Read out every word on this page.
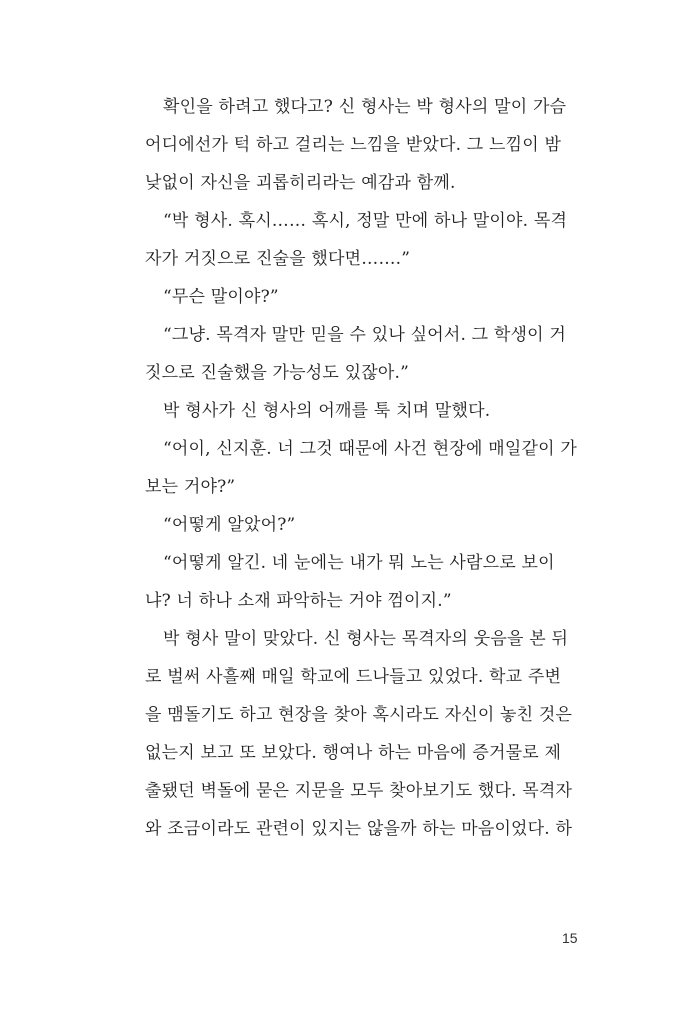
확인을 하려고 했다고? 신 형사는 박 형사의 말이 가슴
어디에선가 턱 하고 걸리는 느낌을 받았다. 그 느낌이 밤
낮없이 자신을 괴롭히리라는 예감과 함께.
“박 형사. 혹시…… 혹시, 정말 만에 하나 말이야. 목격
자가 거짓으로 진술을 했다면…….”
“무슨 말이야?”
“그냥. 목격자 말만 믿을 수 있나 싶어서. 그 학생이 거
짓으로 진술했을 가능성도 있잖아.”
박 형사가 신 형사의 어깨를 툭 치며 말했다.
“어이, 신지훈. 너 그것 때문에 사건 현장에 매일같이 가
보는 거야?”
“어떻게 알았어?”
“어떻게 알긴. 네 눈에는 내가 뭐 노는 사람으로 보이
냐? 너 하나 소재 파악하는 거야 껌이지.”
박 형사 말이 맞았다. 신 형사는 목격자의 웃음을 본 뒤
로 벌써 사흘째 매일 학교에 드나들고 있었다. 학교 주변
을 맴돌기도 하고 현장을 찾아 혹시라도 자신이 놓친 것은
없는지 보고 또 보았다. 행여나 하는 마음에 증거물로 제
출됐던 벽돌에 묻은 지문을 모두 찾아보기도 했다. 목격자
와 조금이라도 관련이 있지는 않을까 하는 마음이었다. 하
15
